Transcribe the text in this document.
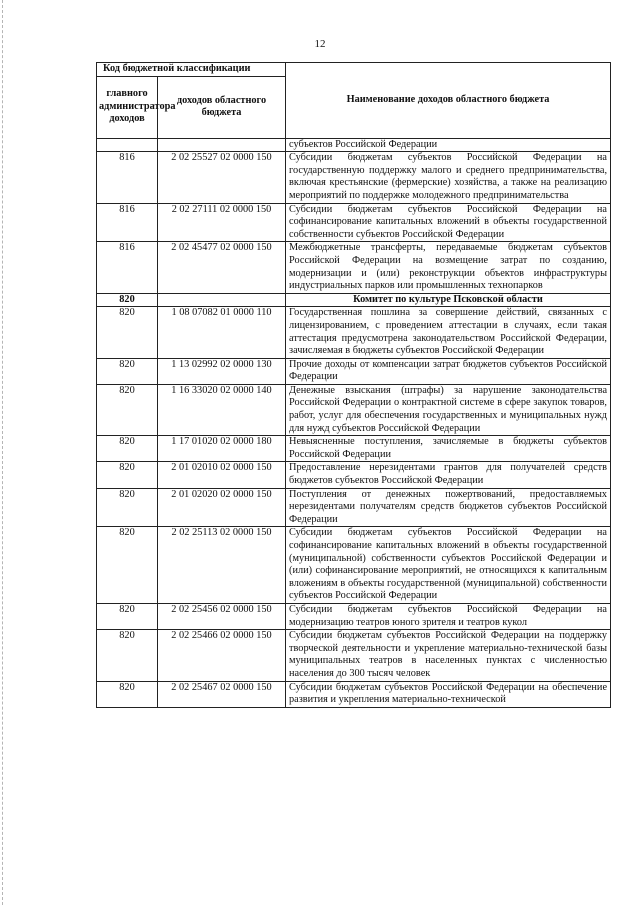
12
Код бюджетной классификации		Наименование доходов областного бюджета
главного администратора доходов	доходов областного бюджета	
		субъектов Российской Федерации
816	2 02 25527 02 0000 150	Субсидии бюджетам субъектов Российской Федерации на государственную поддержку малого и среднего предпринимательства, включая крестьянские (фермерские) хозяйства, а также на реализацию мероприятий по поддержке молодежного предпринимательства
816	2 02 27111 02 0000 150	Субсидии бюджетам субъектов Российской Федерации на софинансирование капитальных вложений в объекты государственной собственности субъектов Российской Федерации
816	2 02 45477 02 0000 150	Межбюджетные трансферты, передаваемые бюджетам субъектов Российской Федерации на возмещение затрат по созданию, модернизации и (или) реконструкции объектов инфраструктуры индустриальных парков или промышленных технопарков
820		Комитет по культуре Псковской области
820	1 08 07082 01 0000 110	Государственная пошлина за совершение действий, связанных с лицензированием, с проведением аттестации в случаях, если такая аттестация предусмотрена законодательством Российской Федерации, зачисляемая в бюджеты субъектов Российской Федерации
820	1 13 02992 02 0000 130	Прочие доходы от компенсации затрат бюджетов субъектов Российской Федерации
820	1 16 33020 02 0000 140	Денежные взыскания (штрафы) за нарушение законодательства Российской Федерации о контрактной системе в сфере закупок товаров, работ, услуг для обеспечения государственных и муниципальных нужд для нужд субъектов Российской Федерации
820	1 17 01020 02 0000 180	Невыясненные поступления, зачисляемые в бюджеты субъектов Российской Федерации
820	2 01 02010 02 0000 150	Предоставление нерезидентами грантов для получателей средств бюджетов субъектов Российской Федерации
820	2 01 02020 02 0000 150	Поступления от денежных пожертвований, предоставляемых нерезидентами получателям средств бюджетов субъектов Российской Федерации
820	2 02 25113 02 0000 150	Субсидии бюджетам субъектов Российской Федерации на софинансирование капитальных вложений в объекты государственной (муниципальной) собственности субъектов Российской Федерации и (или) софинансирование мероприятий, не относящихся к капитальным вложениям в объекты государственной (муниципальной) собственности субъектов Российской Федерации
820	2 02 25456 02 0000 150	Субсидии бюджетам субъектов Российской Федерации на модернизацию театров юного зрителя и театров кукол
820	2 02 25466 02 0000 150	Субсидии бюджетам субъектов Российской Федерации на поддержку творческой деятельности и укрепление материально-технической базы муниципальных театров в населенных пунктах с численностью населения до 300 тысяч человек
820	2 02 25467 02 0000 150	Субсидии бюджетам субъектов Российской Федерации на обеспечение развития и укрепления материально-технической
